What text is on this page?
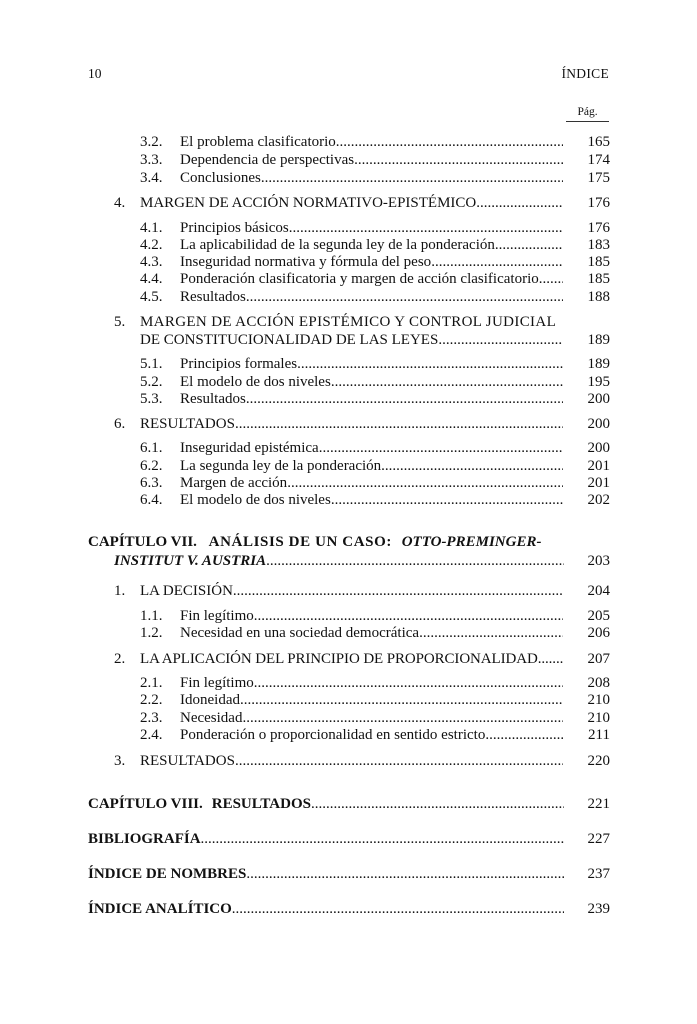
10	ÍNDICE
Pág.
3.2. El problema clasificatorio .....	165
3.3. Dependencia de perspectivas .....	174
3.4. Conclusiones .....	175
4. MARGEN DE ACCIÓN NORMATIVO-EPISTÉMICO .....	176
4.1. Principios básicos .....	176
4.2. La aplicabilidad de la segunda ley de la ponderación .....	183
4.3. Inseguridad normativa y fórmula del peso .....	185
4.4. Ponderación clasificatoria y margen de acción clasificatorio .....	185
4.5. Resultados .....	188
5. MARGEN DE ACCIÓN EPISTÉMICO Y CONTROL JUDICIAL
DE CONSTITUCIONALIDAD DE LAS LEYES .....	189
5.1. Principios formales .....	189
5.2. El modelo de dos niveles .....	195
5.3. Resultados .....	200
6. RESULTADOS .....	200
6.1. Inseguridad epistémica .....	200
6.2. La segunda ley de la ponderación .....	201
6.3. Margen de acción .....	201
6.4. El modelo de dos niveles .....	202
CAPÍTULO VII. ANÁLISIS DE UN CASO: OTTO-PREMINGER-
INSTITUT V. AUSTRIA .....	203
1. LA DECISIÓN .....	204
1.1. Fin legítimo .....	205
1.2. Necesidad en una sociedad democrática .....	206
2. LA APLICACIÓN DEL PRINCIPIO DE PROPORCIONALIDAD .....	207
2.1. Fin legítimo .....	208
2.2. Idoneidad .....	210
2.3. Necesidad .....	210
2.4. Ponderación o proporcionalidad en sentido estricto .....	211
3. RESULTADOS .....	220
CAPÍTULO VIII. RESULTADOS .....	221
BIBLIOGRAFÍA .....	227
ÍNDICE DE NOMBRES .....	237
ÍNDICE ANALÍTICO .....	239
